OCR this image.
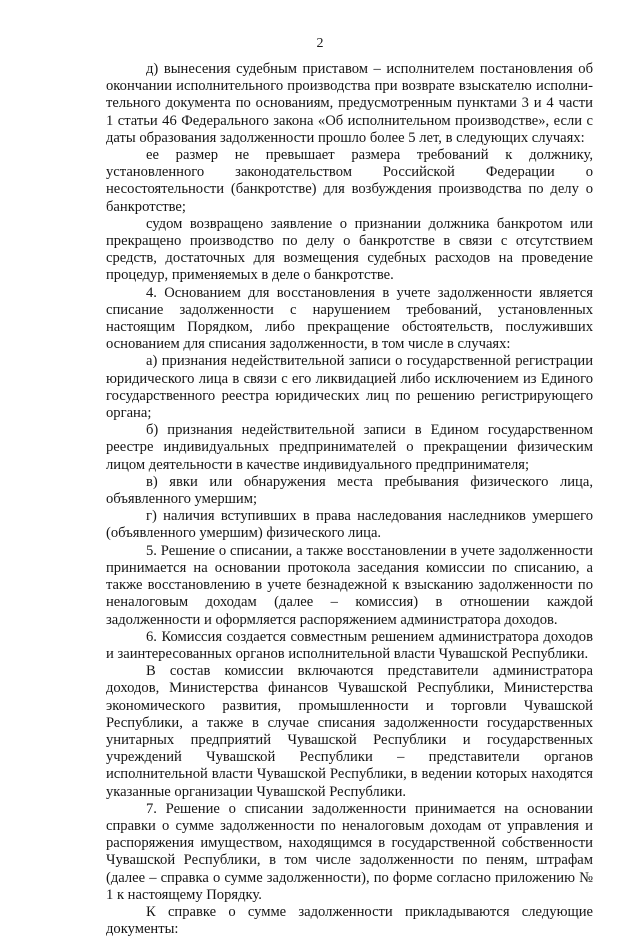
2

д) вынесения судебным приставом – исполнителем постановления об окончании исполнительного производства при возврате взыскателю исполнительного документа по основаниям, предусмотренным пунктами 3 и 4 части 1 статьи 46 Федерального закона «Об исполнительном производстве», если с даты образования задолженности прошло более 5 лет, в следующих случаях:

ее размер не превышает размера требований к должнику, установленного законодательством Российской Федерации о несостоятельности (банкротстве) для возбуждения производства по делу о банкротстве;

судом возвращено заявление о признании должника банкротом или прекращено производство по делу о банкротстве в связи с отсутствием средств, достаточных для возмещения судебных расходов на проведение процедур, применяемых в деле о банкротстве.

4. Основанием для восстановления в учете задолженности является списание задолженности с нарушением требований, установленных настоящим Порядком, либо прекращение обстоятельств, послуживших основанием для списания задолженности, в том числе в случаях:

а) признания недействительной записи о государственной регистрации юридического лица в связи с его ликвидацией либо исключением из Единого государственного реестра юридических лиц по решению регистрирующего органа;

б) признания недействительной записи в Едином государственном реестре индивидуальных предпринимателей о прекращении физическим лицом деятельности в качестве индивидуального предпринимателя;

в) явки или обнаружения места пребывания физического лица, объявленного умершим;

г) наличия вступивших в права наследования наследников умершего (объявленного умершим) физического лица.

5. Решение о списании, а также восстановлении в учете задолженности принимается на основании протокола заседания комиссии по списанию, а также восстановлению в учете безнадежной к взысканию задолженности по неналоговым доходам (далее – комиссия) в отношении каждой задолженности и оформляется распоряжением администратора доходов.

6. Комиссия создается совместным решением администратора доходов и заинтересованных органов исполнительной власти Чувашской Республики.

В состав комиссии включаются представители администратора доходов, Министерства финансов Чувашской Республики, Министерства экономического развития, промышленности и торговли Чувашской Республики, а также в случае списания задолженности государственных унитарных предприятий Чувашской Республики и государственных учреждений Чувашской Республики – представители органов исполнительной власти Чувашской Республики, в ведении которых находятся указанные организации Чувашской Республики.

7. Решение о списании задолженности принимается на основании справки о сумме задолженности по неналоговым доходам от управления и распоряжения имуществом, находящимся в государственной собственности Чувашской Республики, в том числе задолженности по пеням, штрафам (далее – справка о сумме задолженности), по форме согласно приложению № 1 к настоящему Порядку.

К справке о сумме задолженности прикладываются следующие документы:
